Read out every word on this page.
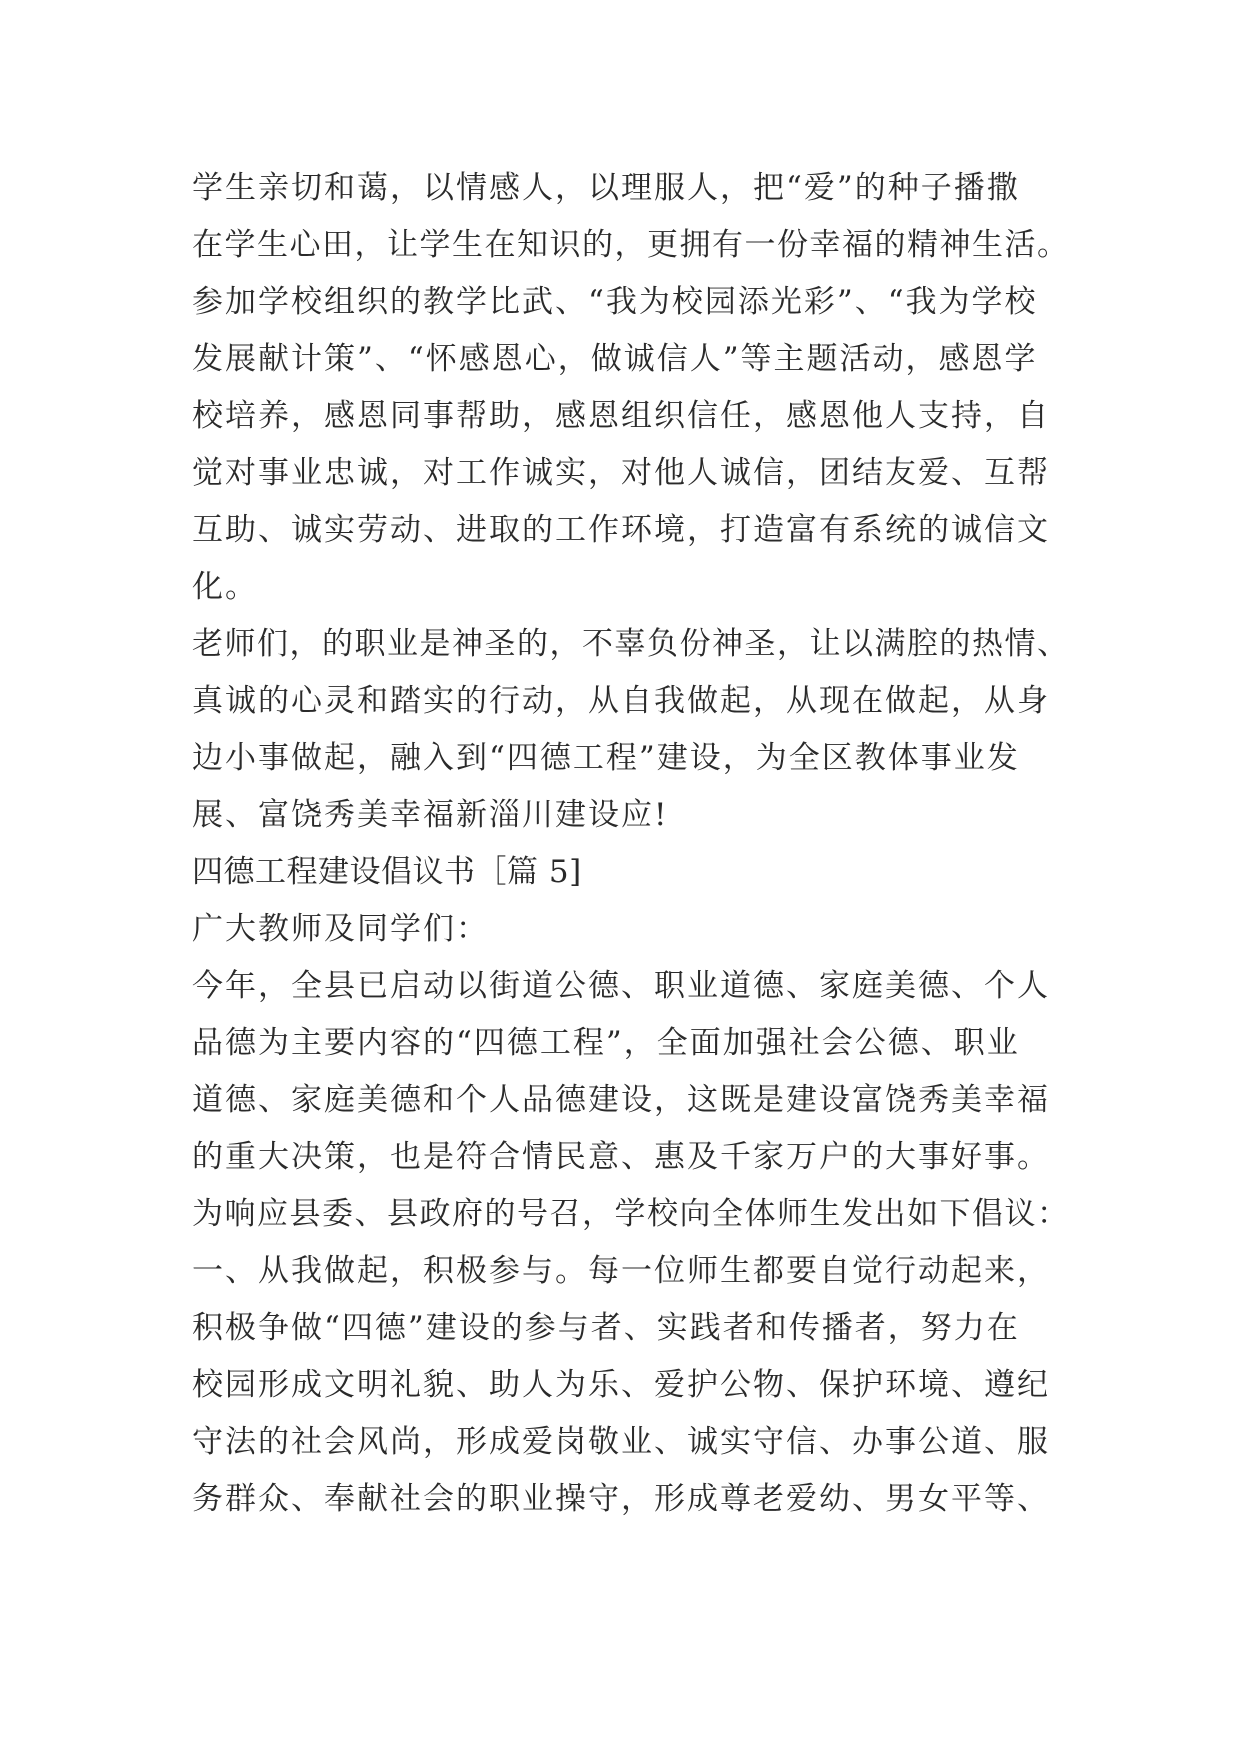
学生亲切和蔼，以情感人，以理服人，把“爱”的种子播撒
在学生心田，让学生在知识的，更拥有一份幸福的精神生活。
参加学校组织的教学比武、“我为校园添光彩”、“我为学校
发展献计策”、“怀感恩心，做诚信人”等主题活动，感恩学
校培养，感恩同事帮助，感恩组织信任，感恩他人支持，自
觉对事业忠诚，对工作诚实，对他人诚信，团结友爱、互帮
互助、诚实劳动、进取的工作环境，打造富有系统的诚信文
化。
老师们，的职业是神圣的，不辜负份神圣，让以满腔的热情、
真诚的心灵和踏实的行动，从自我做起，从现在做起，从身
边小事做起，融入到“四德工程”建设，为全区教体事业发
展、富饶秀美幸福新淄川建设应!
四德工程建设倡议书［篇 5]
广大教师及同学们：
今年，全县已启动以街道公德、职业道德、家庭美德、个人
品德为主要内容的“四德工程”，全面加强社会公德、职业
道德、家庭美德和个人品德建设，这既是建设富饶秀美幸福
的重大决策，也是符合情民意、惠及千家万户的大事好事。
为响应县委、县政府的号召，学校向全体师生发出如下倡议：
一、从我做起，积极参与。每一位师生都要自觉行动起来，
积极争做“四德”建设的参与者、实践者和传播者，努力在
校园形成文明礼貌、助人为乐、爱护公物、保护环境、遵纪
守法的社会风尚，形成爱岗敬业、诚实守信、办事公道、服
务群众、奉献社会的职业操守，形成尊老爱幼、男女平等、
